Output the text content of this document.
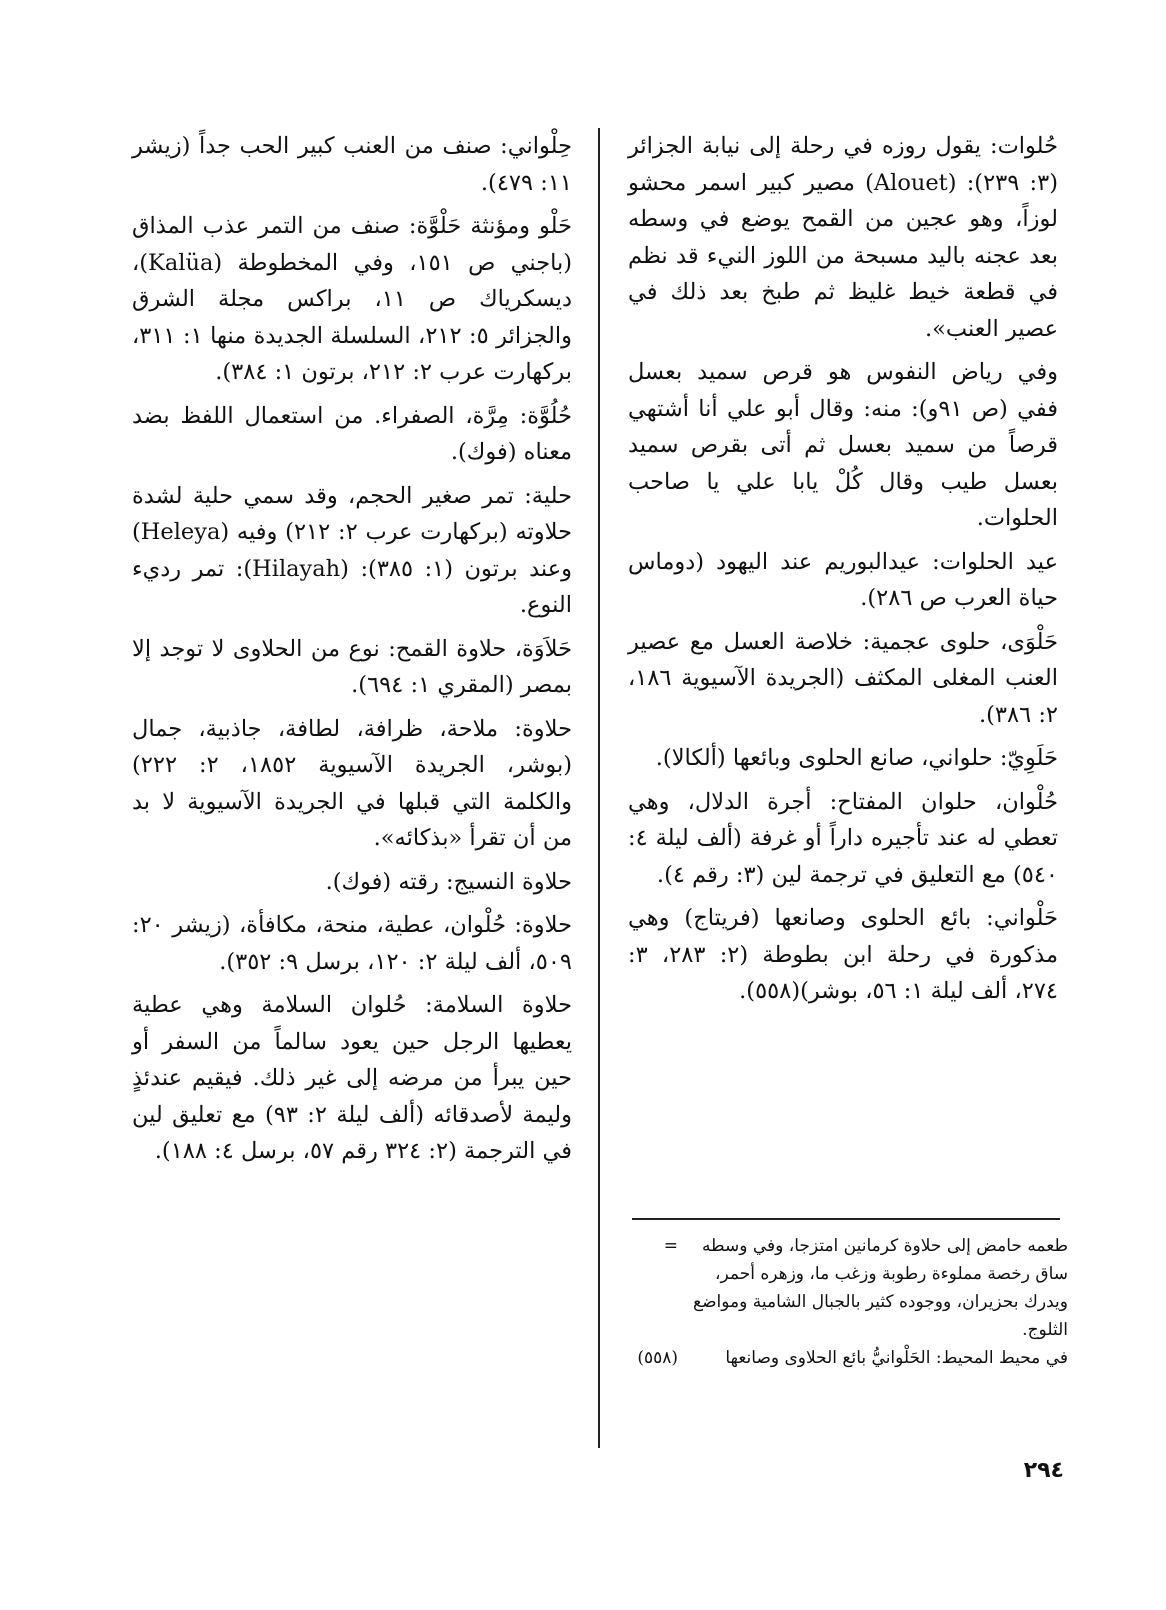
حُلوات: يقول روزه في رحلة إلى نيابة الجزائر (٣: ٢٣٩): (Alouet) مصير كبير اسمر محشو لوزاً، وهو عجين من القمح يوضع في وسطه بعد عجنه باليد مسبحة من اللوز النيء قد نظم في قطعة خيط غليظ ثم طبخ بعد ذلك في عصير العنب».

وفي رياض النفوس هو قرص سميد بعسل ففي (ص ٩١و): منه: وقال أبو علي أنا أشتهي قرصاً من سميد بعسل ثم أتى بقرص سميد بعسل طيب وقال كُلْ يابا علي يا صاحب الحلوات.

عيد الحلوات: عيدالبوريم عند اليهود (دوماس حياة العرب ص ٢٨٦).

حَلْوَى، حلوى عجمية: خلاصة العسل مع عصير العنب المغلى المكثف (الجريدة الآسيوية ١٨٦، ٢: ٣٨٦).

حَلَوِيّ: حلواني، صانع الحلوى وبائعها (ألكالا).

حُلْوان، حلوان المفتاح: أجرة الدلال، وهي تعطي له عند تأجيره داراً أو غرفة (ألف ليلة ٤: ٥٤٠) مع التعليق في ترجمة لين (٣: رقم ٤).

حَلْواني: بائع الحلوى وصانعها (فريتاج) وهي مذكورة في رحلة ابن بطوطة (٢: ٢٨٣، ٣: ٢٧٤، ألف ليلة ١: ٥٦، بوشر)(٥٥٨).

حِلْواني: صنف من العنب كبير الحب جداً (زيشر ١١: ٤٧٩).

حَلْو ومؤنثة حَلْوَّة: صنف من التمر عذب المذاق (باجني ص ١٥١، وفي المخطوطة (Kalüa)، ديسكرياك ص ١١، براكس مجلة الشرق والجزائر ٥: ٢١٢، السلسلة الجديدة منها ١: ٣١١، بركهارت عرب ٢: ٢١٢، برتون ١: ٣٨٤).

حُلُوَّة: مِرَّة، الصفراء. من استعمال اللفظ بضد معناه (فوك).

حلية: تمر صغير الحجم، وقد سمي حلية لشدة حلاوته (بركهارت عرب ٢: ٢١٢) وفيه (Heleya) وعند برتون (١: ٣٨٥): (Hilayah): تمر رديء النوع.

حَلاَوَة، حلاوة القمح: نوع من الحلاوى لا توجد إلا بمصر (المقري ١: ٦٩٤).

حلاوة: ملاحة، ظرافة، لطافة، جاذبية، جمال (بوشر، الجريدة الآسيوية ١٨٥٢، ٢: ٢٢٢) والكلمة التي قبلها في الجريدة الآسيوية لا بد من أن تقرأ «بذكائه».

حلاوة النسيج: رقته (فوك).

حلاوة: حُلْوان، عطية، منحة، مكافأة، (زيشر ٢٠: ٥٠٩، ألف ليلة ٢: ١٢٠، برسل ٩: ٣٥٢).

حلاوة السلامة: حُلوان السلامة وهي عطية يعطيها الرجل حين يعود سالماً من السفر أو حين يبرأ من مرضه إلى غير ذلك. فيقيم عندئذٍ وليمة لأصدقائه (ألف ليلة ٢: ٩٣) مع تعليق لين في الترجمة (٢: ٣٢٤ رقم ٥٧، برسل ٤: ١٨٨).

طعمه حامض إلى حلاوة كرمانين امتزجا، وفي وسطه ساق رخصة مملوءة رطوبة وزغب ما، وزهره أحمر، ويدرك بحزيران، ووجوده كثير بالجبال الشامية ومواضع الثلوج.
=
في محيط المحيط: الحَلْوانيُّ بائع الحلاوى وصانعها
(٥٥٨)
٢٩٤
